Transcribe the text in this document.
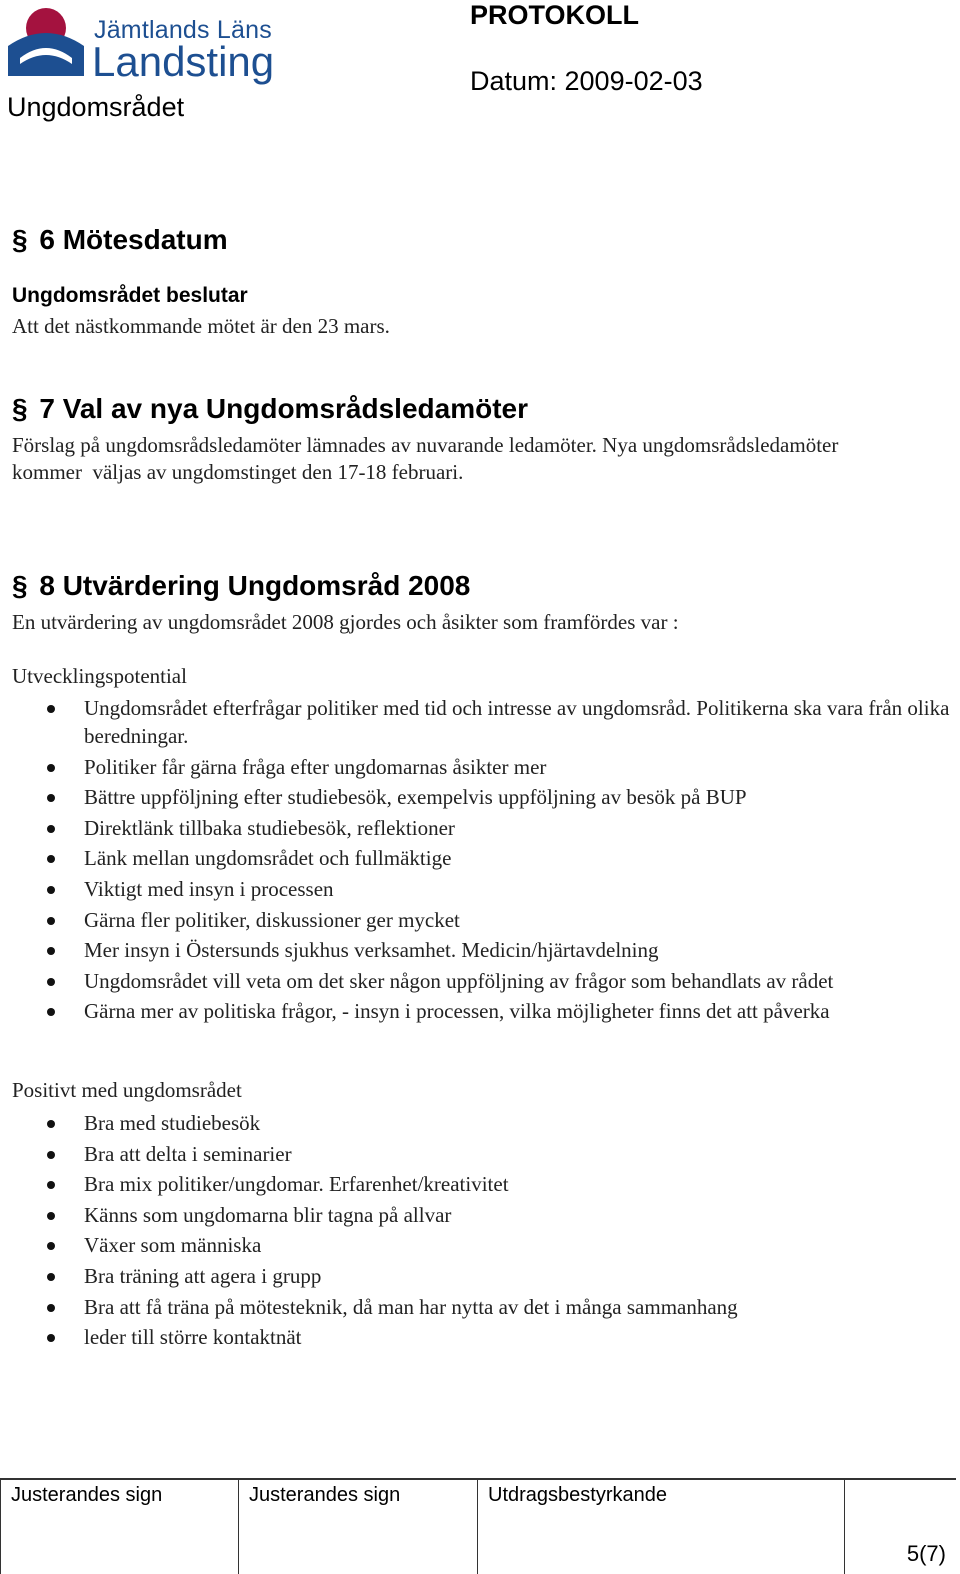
Jämtlands Läns
Landsting
Ungdomsrådet
PROTOKOLL
Datum: 2009-02-03
§ 6 Mötesdatum
Ungdomsrådet beslutar
Att det nästkommande mötet är den 23 mars.
§ 7 Val av nya Ungdomsrådsledamöter
Förslag på ungdomsrådsledamöter lämnades av nuvarande ledamöter. Nya ungdomsrådsledamöter
kommer  väljas av ungdomstinget den 17-18 februari.
§ 8 Utvärdering Ungdomsråd 2008
En utvärdering av ungdomsrådet 2008 gjordes och åsikter som framfördes var :
Utvecklingspotential
Ungdomsrådet efterfrågar politiker med tid och intresse av ungdomsråd. Politikerna ska vara från olika beredningar.
Politiker får gärna fråga efter ungdomarnas åsikter mer
Bättre uppföljning efter studiebesök, exempelvis uppföljning av besök på BUP
Direktlänk tillbaka studiebesök, reflektioner
Länk mellan ungdomsrådet och fullmäktige
Viktigt med insyn i processen
Gärna fler politiker, diskussioner ger mycket
Mer insyn i Östersunds sjukhus verksamhet. Medicin/hjärtavdelning
Ungdomsrådet vill veta om det sker någon uppföljning av frågor som behandlats av rådet
Gärna mer av politiska frågor, - insyn i processen, vilka möjligheter finns det att påverka
Positivt med ungdomsrådet
Bra med studiebesök
Bra att delta i seminarier
Bra mix politiker/ungdomar. Erfarenhet/kreativitet
Känns som ungdomarna blir tagna på allvar
Växer som människa
Bra träning att agera i grupp
Bra att få träna på mötesteknik, då man har nytta av det i många sammanhang
leder till större kontaktnät
Justerandes sign	Justerandes sign	Utdragsbestyrkande
5(7)
